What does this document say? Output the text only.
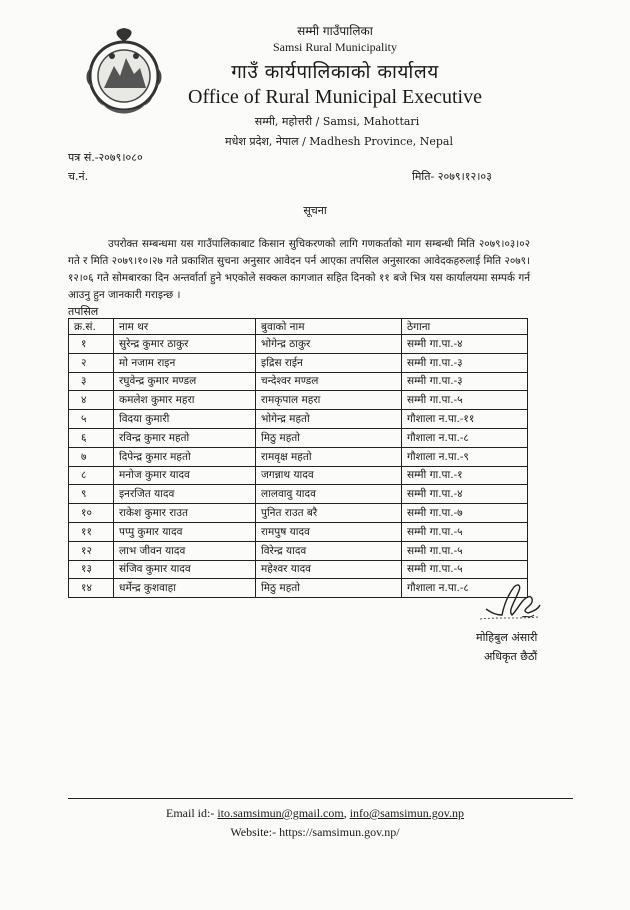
सम्मी गाउँपालिका
Samsi Rural Municipality
गाउँ कार्यपालिकाको कार्यालय
Office of Rural Municipal Executive
सम्मी, महोत्तरी / Samsi, Mahottari
मधेश प्रदेश, नेपाल / Madhesh Province, Nepal
पत्र सं.-२०७९।०८०
च.नं.	मिति- २०७९।१२।०३
सूचना

उपरोक्त सम्बन्धमा यस गाउँपालिकाबाट किसान सुचिकरणको लागि गणकर्ताको माग सम्बन्धी मिति २०७९।०३।०२ गते र मिति २०७९।१०।२७ गते प्रकाशित सुचना अनुसार आवेदन पर्न आएका तपसिल अनुसारका आवेदकहरुलाई मिति २०७९।१२।०६ गते सोमबारका दिन अन्तर्वार्ता हुने भएकोले सक्कल कागजात सहित दिनको ११ बजे भित्र यस कार्यालयमा सम्पर्क गर्न आउनु हुन जानकारी गराइन्छ ।

तपसिल
क्र.सं.	नाम थर	बुवाको नाम	ठेगाना
१	सुरेन्द्र कुमार ठाकुर	भोगेन्द्र ठाकुर	सम्मी गा.पा.-४
२	मो नजाम राइन	इद्रिस राईन	सम्मी गा.पा.-३
३	रघुवेन्द्र कुमार मण्डल	चन्देश्वर मण्डल	सम्मी गा.पा.-३
४	कमलेश कुमार महरा	रामकृपाल महरा	सम्मी गा.पा.-५
५	विदया कुमारी	भोगेन्द्र महतो	गौशाला न.पा.-११
६	रविन्द्र कुमार महतो	मिठु महतो	गौशाला न.पा.-८
७	दिपेन्द्र कुमार महतो	रामवृक्ष महतो	गौशाला न.पा.-९
८	मनोज कुमार यादव	जगन्नाथ यादव	सम्मी गा.पा.-१
९	इनरजित यादव	लालवावु यादव	सम्मी गा.पा.-४
१०	राकेश कुमार राउत	पुनित राउत बरै	सम्मी गा.पा.-७
११	पप्पु कुमार यादव	रामपुष यादव	सम्मी गा.पा.-५
१२	लाभ जीवन यादव	विरेन्द्र यादव	सम्मी गा.पा.-५
१३	संजिव कुमार यादव	महेश्वर यादव	सम्मी गा.पा.-५
१४	धर्मेन्द्र कुशवाहा	मिठु महतो	गौशाला न.पा.-८
मोहिबुल अंसारी
अधिकृत छैठौं
Email id:- ito.samsimun@gmail.com, info@samsimun.gov.np
Website:- https://samsimun.gov.np/
